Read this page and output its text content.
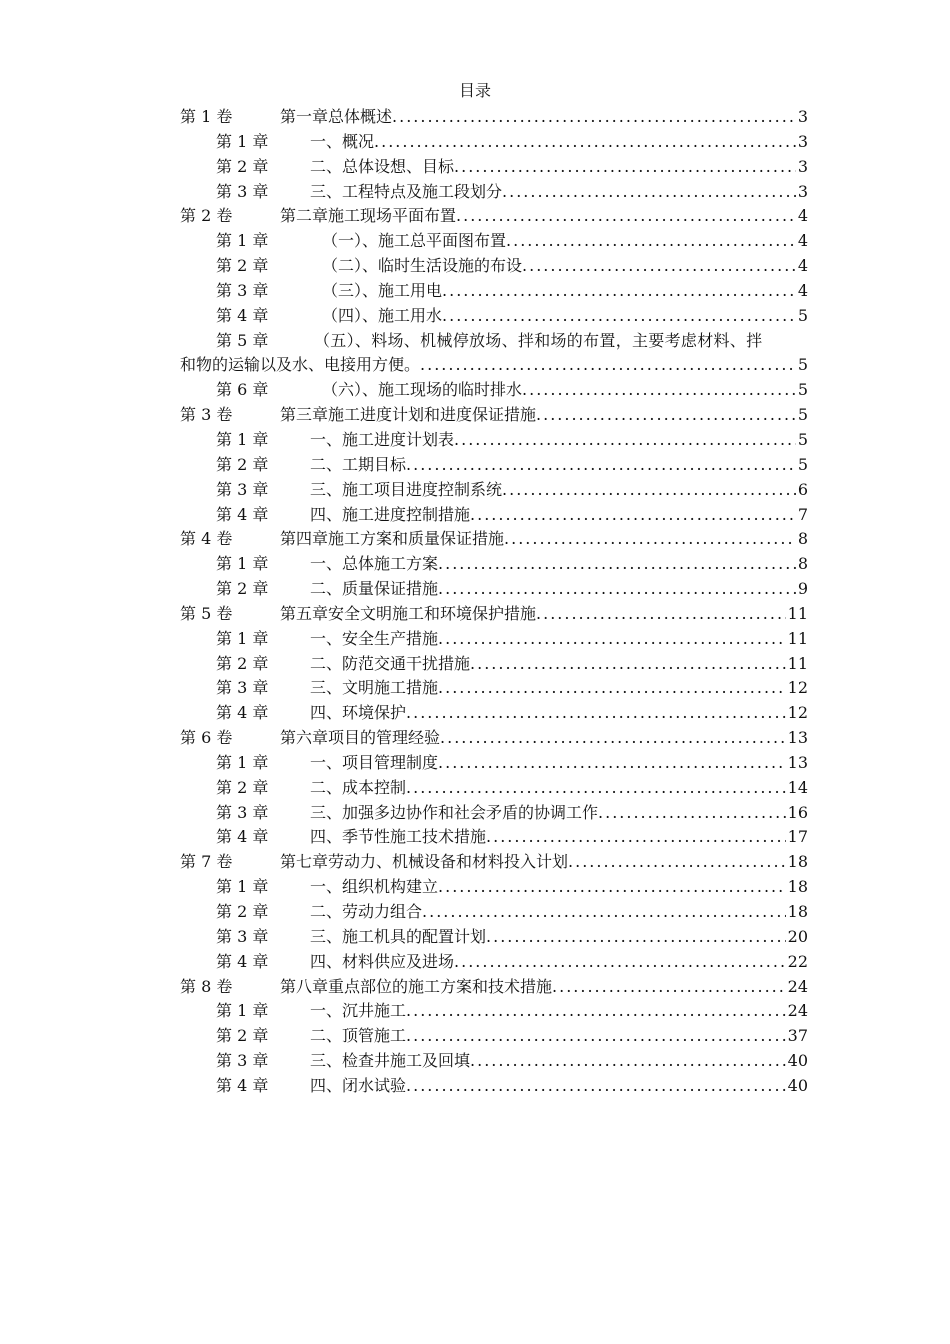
目录
第 1 卷	第一章总体概述 .....	3
第 1 章	一、概况 .....	3
第 2 章	二、总体设想、目标 .....	3
第 3 章	三、工程特点及施工段划分 .....	3
第 2 卷	第二章施工现场平面布置 .....	4
第 1 章	（一）、施工总平面图布置 .....	4
第 2 章	（二）、临时生活设施的布设 .....	4
第 3 章	（三）、施工用电 .....	4
第 4 章	（四）、施工用水 .....	5
第 5 章	（五）、料场、机械停放场、拌和场的布置，主要考虑材料、拌
和物的运输以及水、电接用方便。 .....	5
第 6 章	（六）、施工现场的临时排水 .....	5
第 3 卷	第三章施工进度计划和进度保证措施 .....	5
第 1 章	一、施工进度计划表 .....	5
第 2 章	二、工期目标 .....	5
第 3 章	三、施工项目进度控制系统 .....	6
第 4 章	四、施工进度控制措施 .....	7
第 4 卷	第四章施工方案和质量保证措施 .....	8
第 1 章	一、总体施工方案 .....	8
第 2 章	二、质量保证措施 .....	9
第 5 卷	第五章安全文明施工和环境保护措施 .....	11
第 1 章	一、安全生产措施 .....	11
第 2 章	二、防范交通干扰措施 .....	11
第 3 章	三、文明施工措施 .....	12
第 4 章	四、环境保护 .....	12
第 6 卷	第六章项目的管理经验 .....	13
第 1 章	一、项目管理制度 .....	13
第 2 章	二、成本控制 .....	14
第 3 章	三、加强多边协作和社会矛盾的协调工作 .....	16
第 4 章	四、季节性施工技术措施 .....	17
第 7 卷	第七章劳动力、机械设备和材料投入计划 .....	18
第 1 章	一、组织机构建立 .....	18
第 2 章	二、劳动力组合 .....	18
第 3 章	三、施工机具的配置计划 .....	20
第 4 章	四、材料供应及进场 .....	22
第 8 卷	第八章重点部位的施工方案和技术措施 .....	24
第 1 章	一、沉井施工 .....	24
第 2 章	二、顶管施工 .....	37
第 3 章	三、检查井施工及回填 .....	40
第 4 章	四、闭水试验 .....	40
